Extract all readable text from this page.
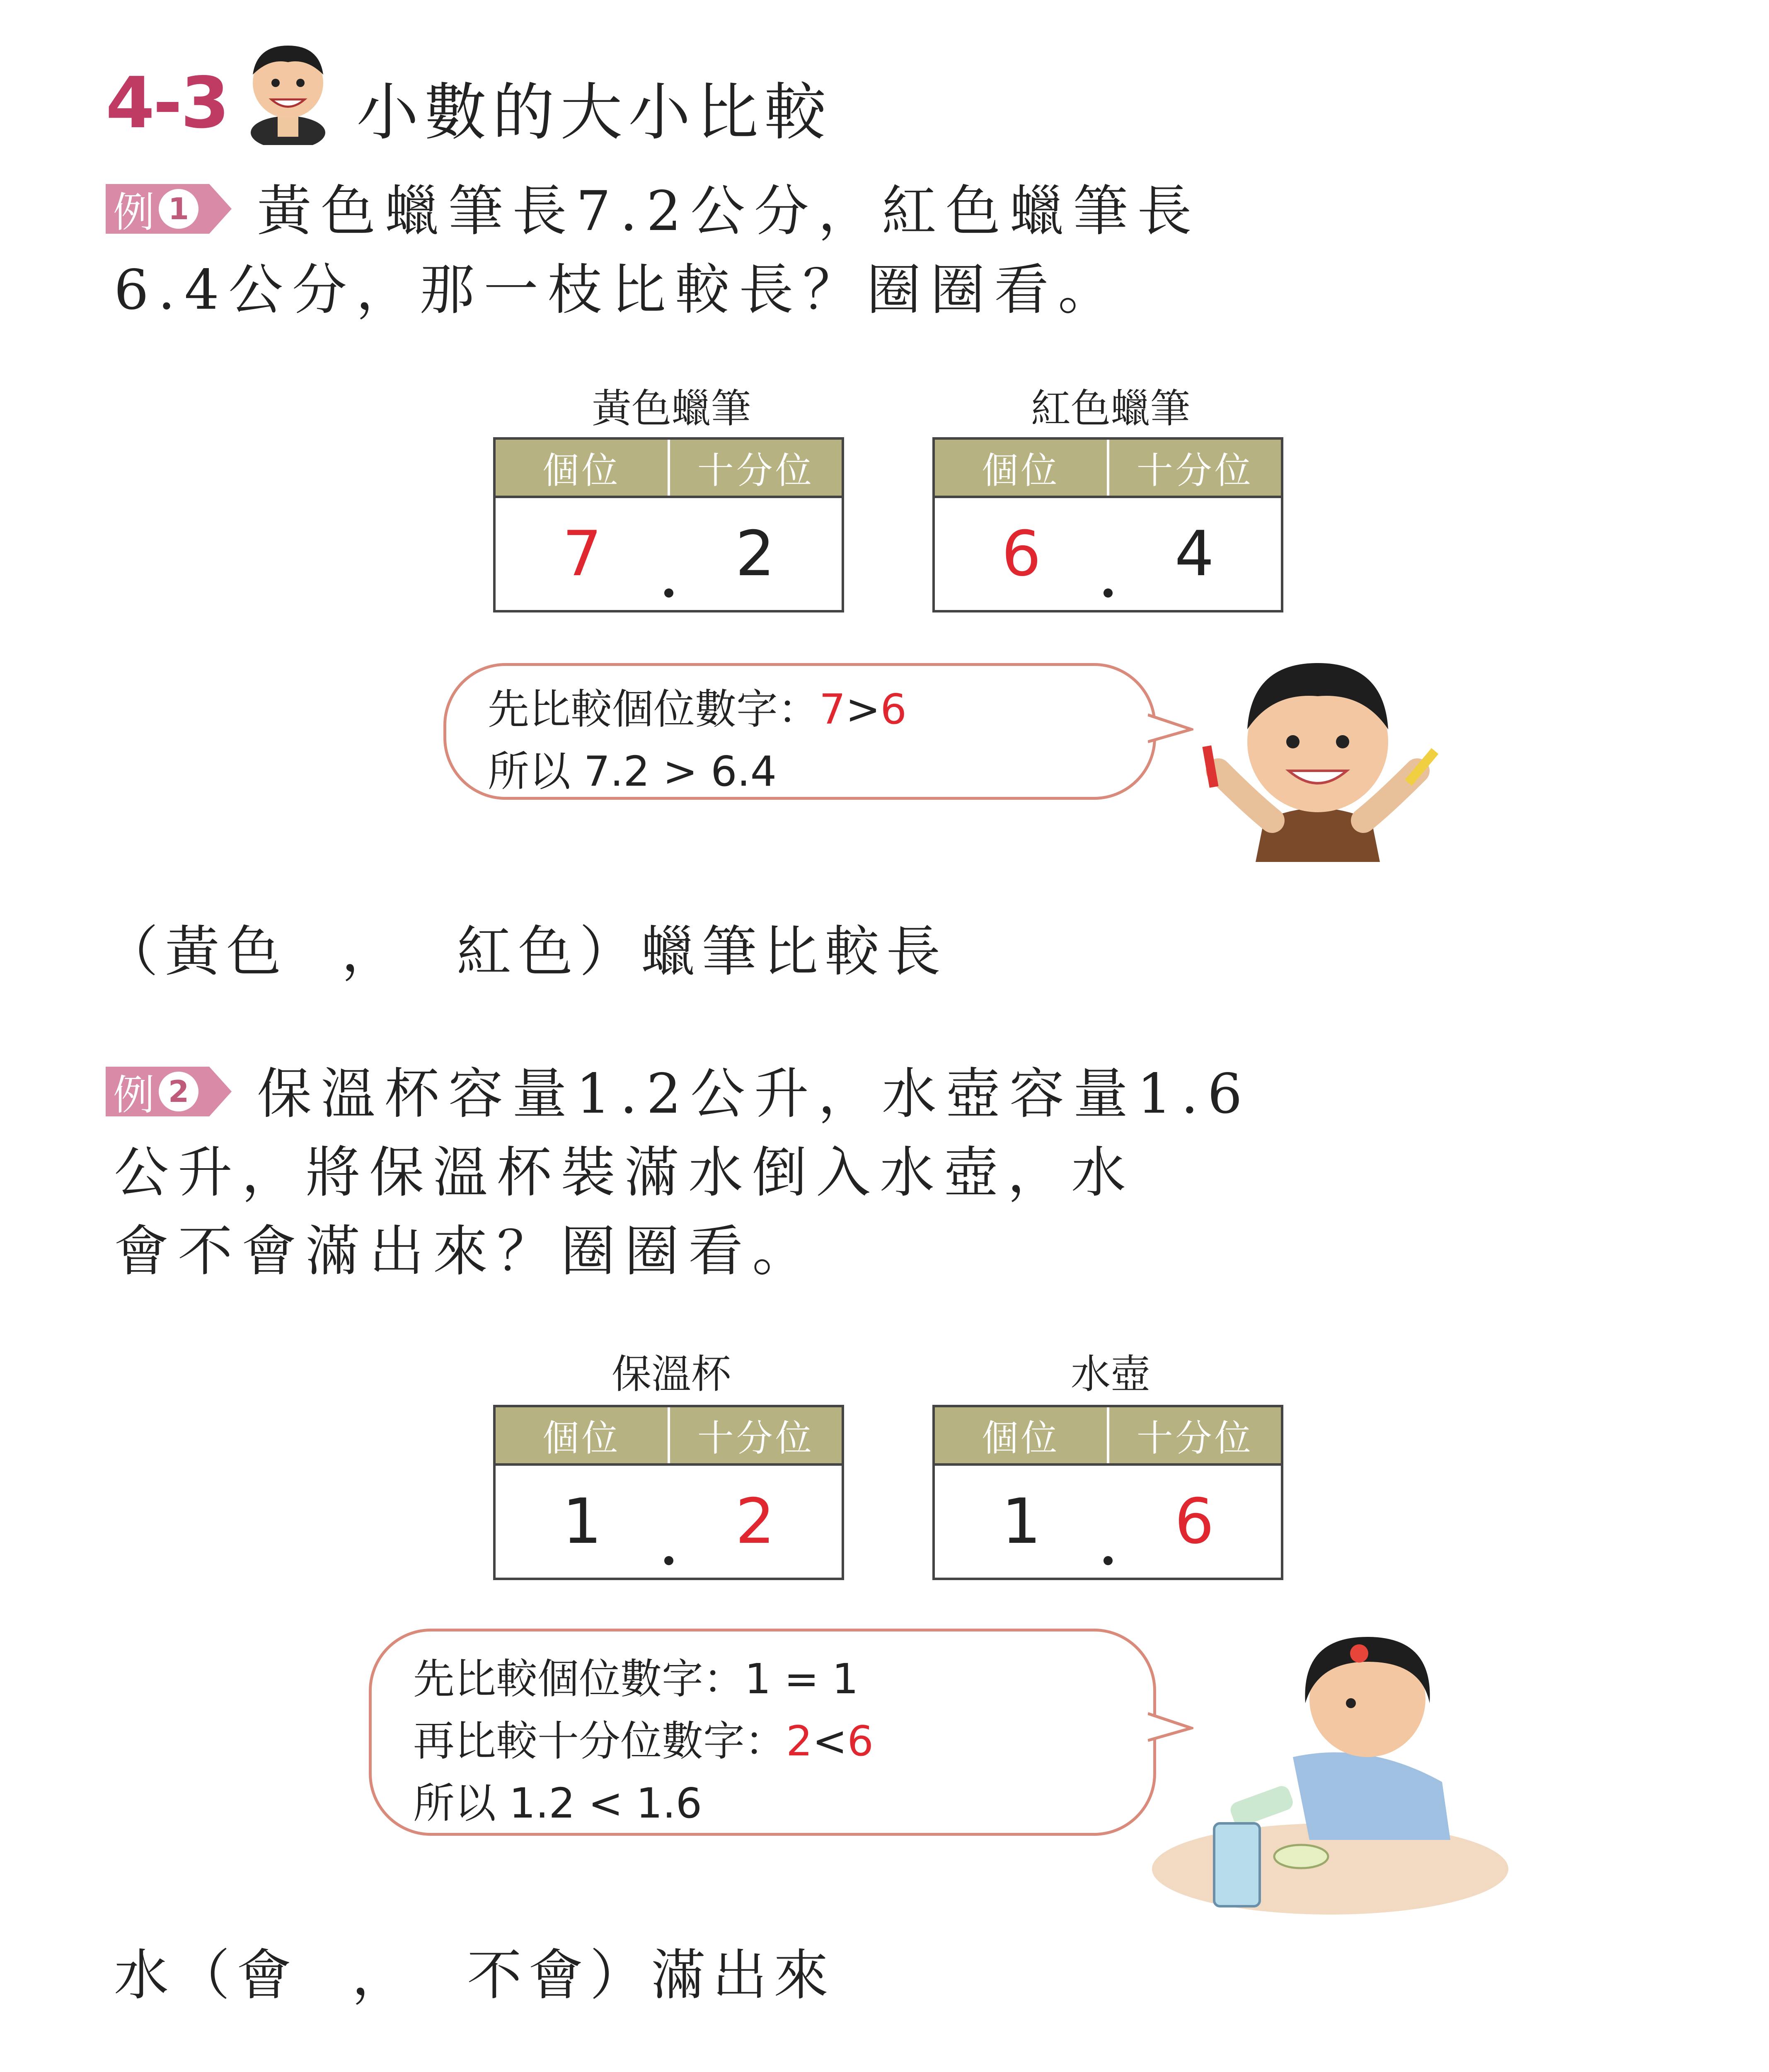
4-3 小數的大小比較
例 1 黃色蠟筆長7.2公分，紅色蠟筆長
6.4公分，那一枝比較長？圈圈看。
黃色蠟筆
個位	十分位
7	2
紅色蠟筆
個位	十分位
6	4
先比較個位數字：7>6
所以 7.2 > 6.4
（黃色 ， 紅色）蠟筆比較長
例 2 保溫杯容量1.2公升，水壺容量1.6
公升，將保溫杯裝滿水倒入水壺，水
會不會滿出來？圈圈看。
保溫杯
個位	十分位
1	2
水壺
個位	十分位
1	6
先比較個位數字：1 = 1
再比較十分位數字：2<6
所以 1.2 < 1.6
水（會 ， 不會）滿出來
